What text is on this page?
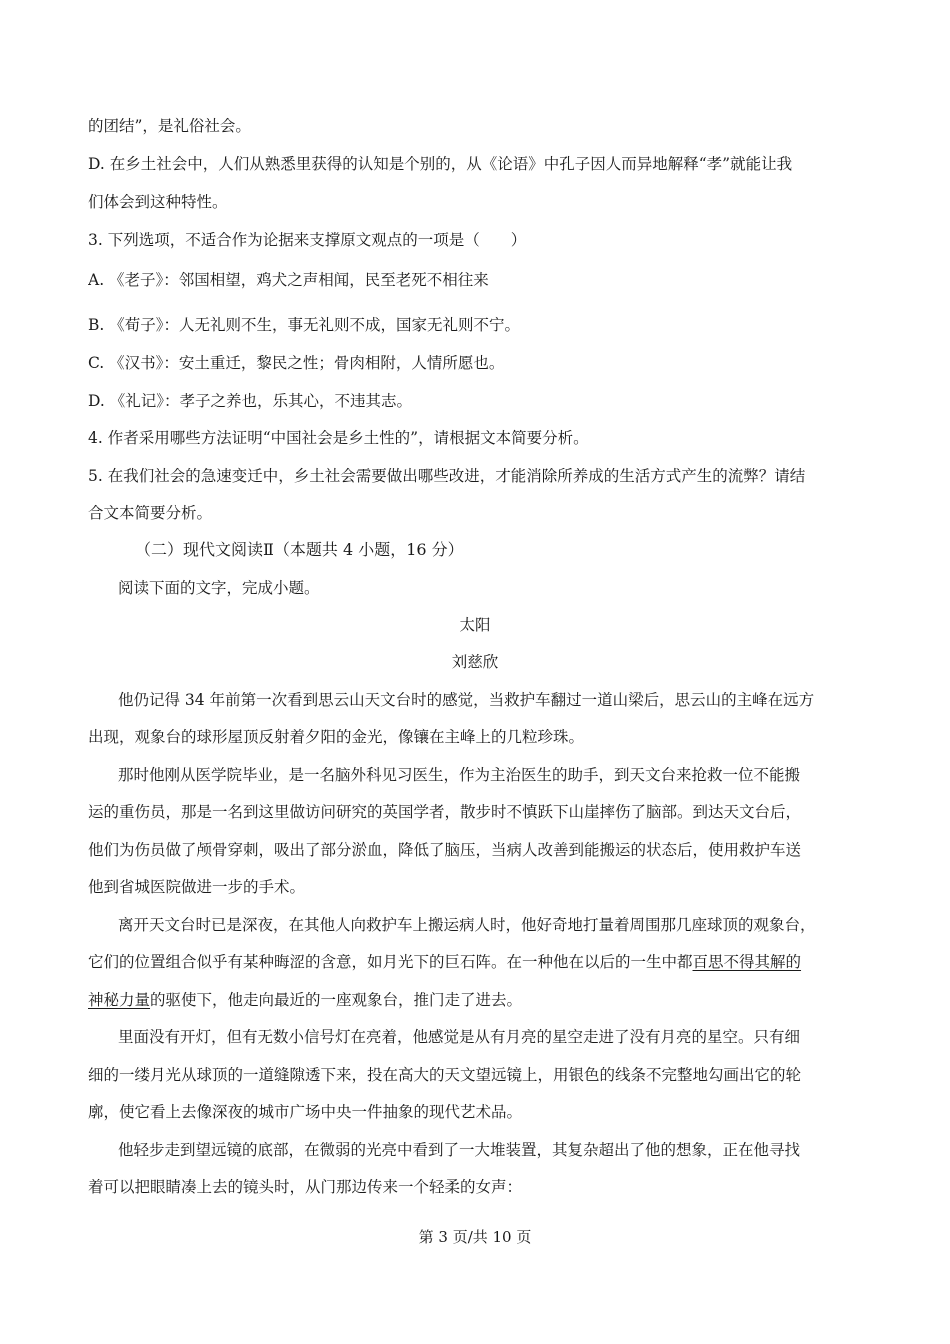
的团结”，是礼俗社会。
D. 在乡土社会中，人们从熟悉里获得的认知是个别的，从《论语》中孔子因人而异地解释“孝”就能让我
们体会到这种特性。
3. 下列选项，不适合作为论据来支撑原文观点的一项是（　　）
A. 《老子》：邻国相望，鸡犬之声相闻，民至老死不相往来
B. 《荀子》：人无礼则不生，事无礼则不成，国家无礼则不宁。
C. 《汉书》：安土重迁，黎民之性；骨肉相附，人情所愿也。
D. 《礼记》：孝子之养也，乐其心，不违其志。
4. 作者采用哪些方法证明“中国社会是乡土性的”，请根据文本简要分析。
5. 在我们社会的急速变迁中，乡土社会需要做出哪些改进，才能消除所养成的生活方式产生的流弊？请结
合文本简要分析。
（二）现代文阅读Ⅱ（本题共 4 小题，16 分）
阅读下面的文字，完成小题。
太阳
刘慈欣
他仍记得 34 年前第一次看到思云山天文台时的感觉，当救护车翻过一道山梁后，思云山的主峰在远方
出现，观象台的球形屋顶反射着夕阳的金光，像镶在主峰上的几粒珍珠。
那时他刚从医学院毕业，是一名脑外科见习医生，作为主治医生的助手，到天文台来抢救一位不能搬
运的重伤员，那是一名到这里做访问研究的英国学者，散步时不慎跃下山崖摔伤了脑部。到达天文台后，
他们为伤员做了颅骨穿刺，吸出了部分淤血，降低了脑压，当病人改善到能搬运的状态后，使用救护车送
他到省城医院做进一步的手术。
离开天文台时已是深夜，在其他人向救护车上搬运病人时，他好奇地打量着周围那几座球顶的观象台，
它们的位置组合似乎有某种晦涩的含意，如月光下的巨石阵。在一种他在以后的一生中都百思不得其解的
神秘力量的驱使下，他走向最近的一座观象台，推门走了进去。
里面没有开灯，但有无数小信号灯在亮着，他感觉是从有月亮的星空走进了没有月亮的星空。只有细
细的一缕月光从球顶的一道缝隙透下来，投在高大的天文望远镜上，用银色的线条不完整地勾画出它的轮
廓，使它看上去像深夜的城市广场中央一件抽象的现代艺术品。
他轻步走到望远镜的底部，在微弱的光亮中看到了一大堆装置，其复杂超出了他的想象，正在他寻找
着可以把眼睛凑上去的镜头时，从门那边传来一个轻柔的女声：
第 3 页/共 10 页
